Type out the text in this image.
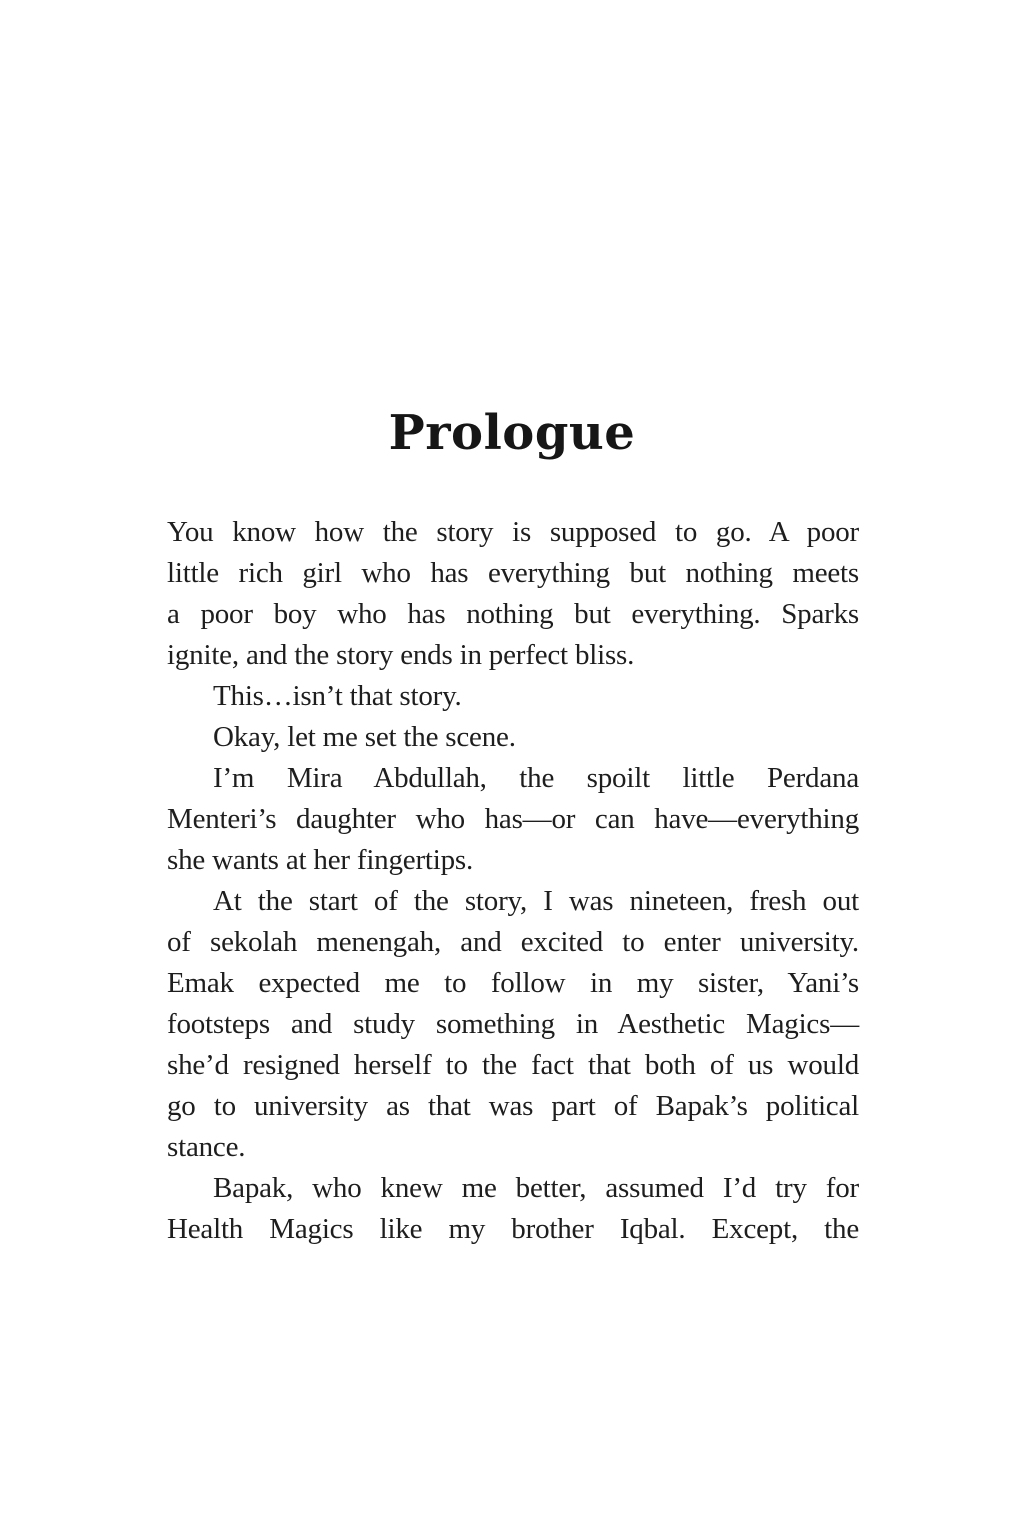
Prologue
You know how the story is supposed to go. A poor
little rich girl who has everything but nothing meets
a poor boy who has nothing but everything. Sparks
ignite, and the story ends in perfect bliss.
This…isn’t that story.
Okay, let me set the scene.
I’m Mira Abdullah, the spoilt little Perdana
Menteri’s daughter who has—or can have—everything
she wants at her fingertips.
At the start of the story, I was nineteen, fresh out
of sekolah menengah, and excited to enter university.
Emak expected me to follow in my sister, Yani’s
footsteps and study something in Aesthetic Magics—
she’d resigned herself to the fact that both of us would
go to university as that was part of Bapak’s political
stance.
Bapak, who knew me better, assumed I’d try for
Health Magics like my brother Iqbal. Except, the
